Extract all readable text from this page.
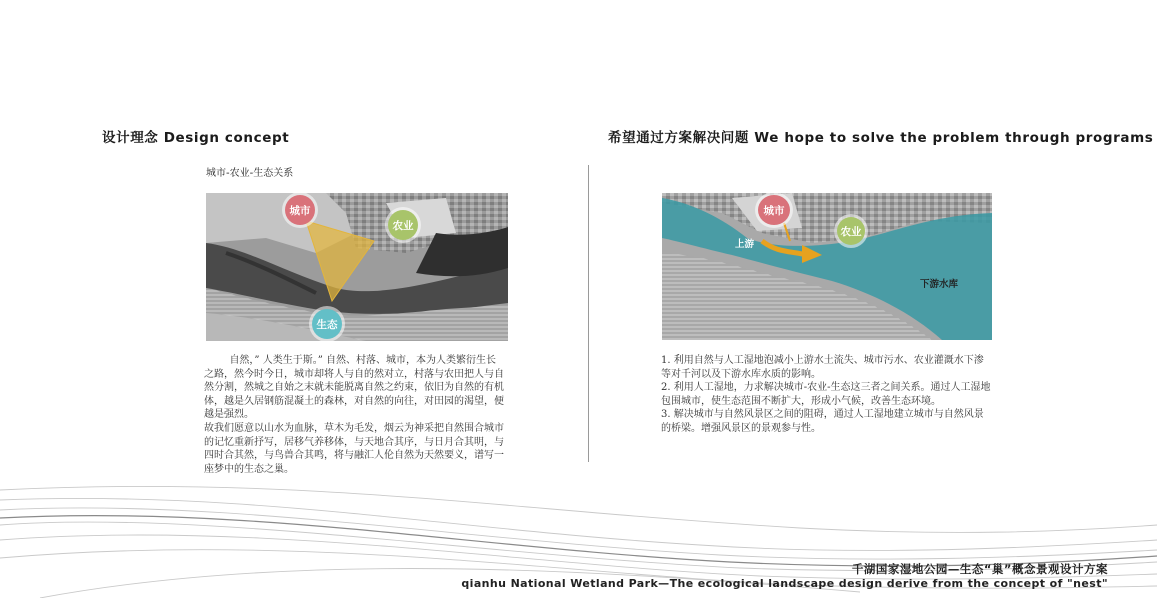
设计理念 Design concept
城市-农业-生态关系
城市
农业
生态

自然，” 人类生于斯。” 自然、村落、城市，本为人类繁衍生长之路，然今时今日，城市却将人与自的然对立，村落与农田把人与自然分割，然城之自始之末就未能脱离自然之约束，依旧为自然的有机体，越是久居钢筋混凝土的森林，对自然的向往，对田园的渴望，便越是强烈。

故我们愿意以山水为血脉，草木为毛发，烟云为神采把自然围合城市的记忆重新抒写，居移气养移体，与天地合其序，与日月合其明，与四时合其然，与鸟兽合其鸣，将与融汇人伦自然为天然要义，谱写一座梦中的生态之巢。

希望通过方案解决问题 We hope to solve the problem through programs
城市
农业
上游
下游水库

1. 利用自然与人工湿地泡减小上游水土流失、城市污水、农业灌溉水下渗等对千河以及下游水库水质的影响。

2. 利用人工湿地，力求解决城市-农业-生态这三者之间关系。通过人工湿地包围城市，使生态范围不断扩大，形成小气候，改善生态环境。

3. 解决城市与自然风景区之间的阻碍，通过人工湿地建立城市与自然风景的桥梁。增强风景区的景观参与性。

千湖国家湿地公园—生态“巢”概念景观设计方案
qianhu National Wetland Park—The ecological landscape design derive from the concept of "nest"
